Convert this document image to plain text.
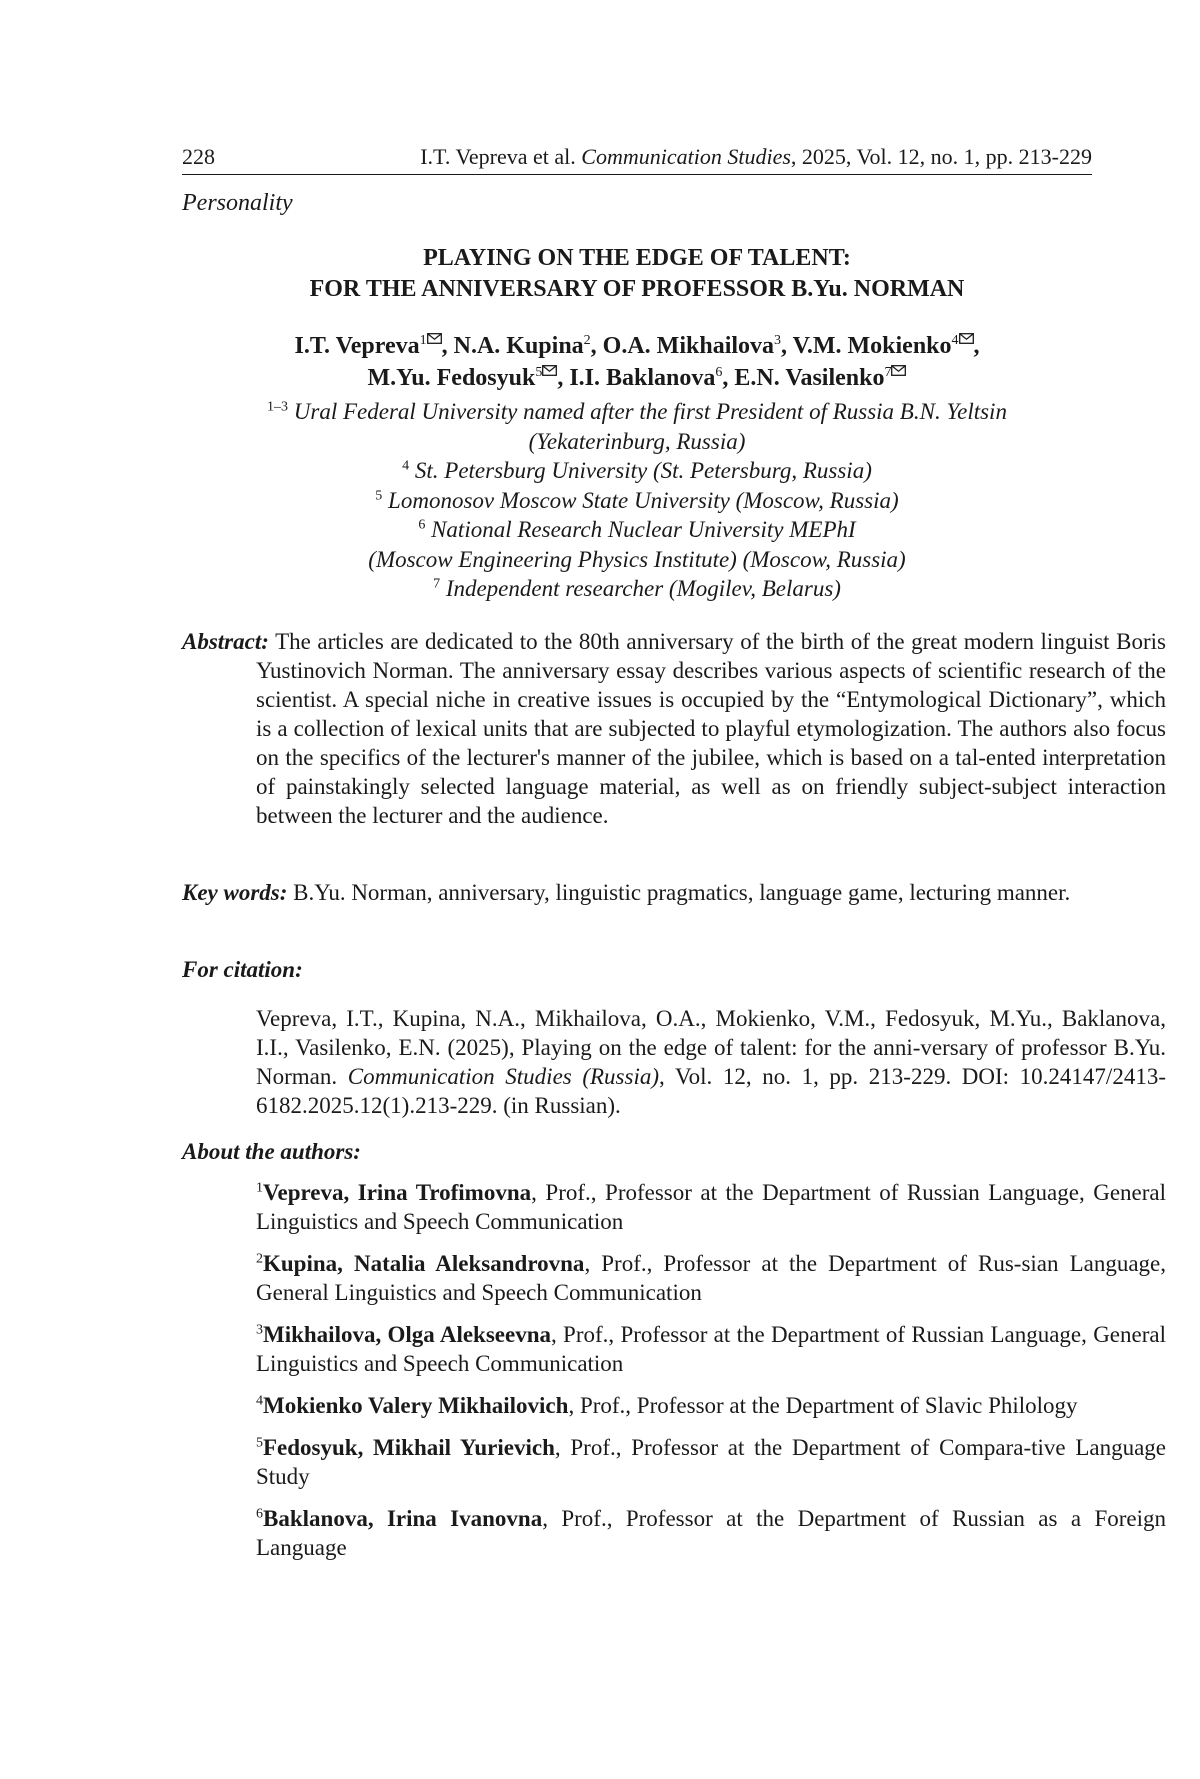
228	I.T. Vepreva et al. Communication Studies, 2025, Vol. 12, no. 1, pp. 213-229
Personality
PLAYING ON THE EDGE OF TALENT:
FOR THE ANNIVERSARY OF PROFESSOR B.Yu. NORMAN
I.T. Vepreva$^1$ , N.A. Kupina$^2$, O.A. Mikhailova$^3$, V.M. Mokienko$^4$ ,
M.Yu. Fedosyuk$^5$ , I.I. Baklanova$^6$, E.N. Vasilenko$^7$
$^{1-3}$ Ural Federal University named after the first President of Russia B.N. Yeltsin
(Yekaterinburg, Russia)
$^4$ St. Petersburg University (St. Petersburg, Russia)
$^5$ Lomonosov Moscow State University (Moscow, Russia)
$^6$ National Research Nuclear University MEPhI
(Moscow Engineering Physics Institute) (Moscow, Russia)
$^7$ Independent researcher (Mogilev, Belarus)
Abstract: The articles are dedicated to the 80th anniversary of the birth of the great modern linguist Boris Yustinovich Norman. The anniversary essay describes various aspects of scientific research of the scientist. A special niche in creative issues is occupied by the “Entymological Dictionary”, which is a collection of lexical units that are subjected to playful etymologization. The authors also focus on the specifics of the lecturer's manner of the jubilee, which is based on a tal-ented interpretation of painstakingly selected language material, as well as on friendly subject-subject interaction between the lecturer and the audience.
Key words: B.Yu. Norman, anniversary, linguistic pragmatics, language game, lecturing manner.
For citation:
Vepreva, I.T., Kupina, N.A., Mikhailova, O.A., Mokienko, V.M., Fedosyuk, M.Yu., Baklanova, I.I., Vasilenko, E.N. (2025), Playing on the edge of talent: for the anni-versary of professor B.Yu. Norman. Communication Studies (Russia), Vol. 12, no. 1, pp. 213-229. DOI: 10.24147/2413-6182.2025.12(1).213-229. (in Russian).
About the authors:
$^1$Vepreva, Irina Trofimovna, Prof., Professor at the Department of Russian Language, General Linguistics and Speech Communication
$^2$Kupina, Natalia Aleksandrovna, Prof., Professor at the Department of Rus-sian Language, General Linguistics and Speech Communication
$^3$Mikhailova, Olga Alekseevna, Prof., Professor at the Department of Russian Language, General Linguistics and Speech Communication
$^4$Mokienko Valery Mikhailovich, Prof., Professor at the Department of Slavic Philology
$^5$Fedosyuk, Mikhail Yurievich, Prof., Professor at the Department of Compara-tive Language Study
$^6$Baklanova, Irina Ivanovna, Prof., Professor at the Department of Russian as a Foreign Language
